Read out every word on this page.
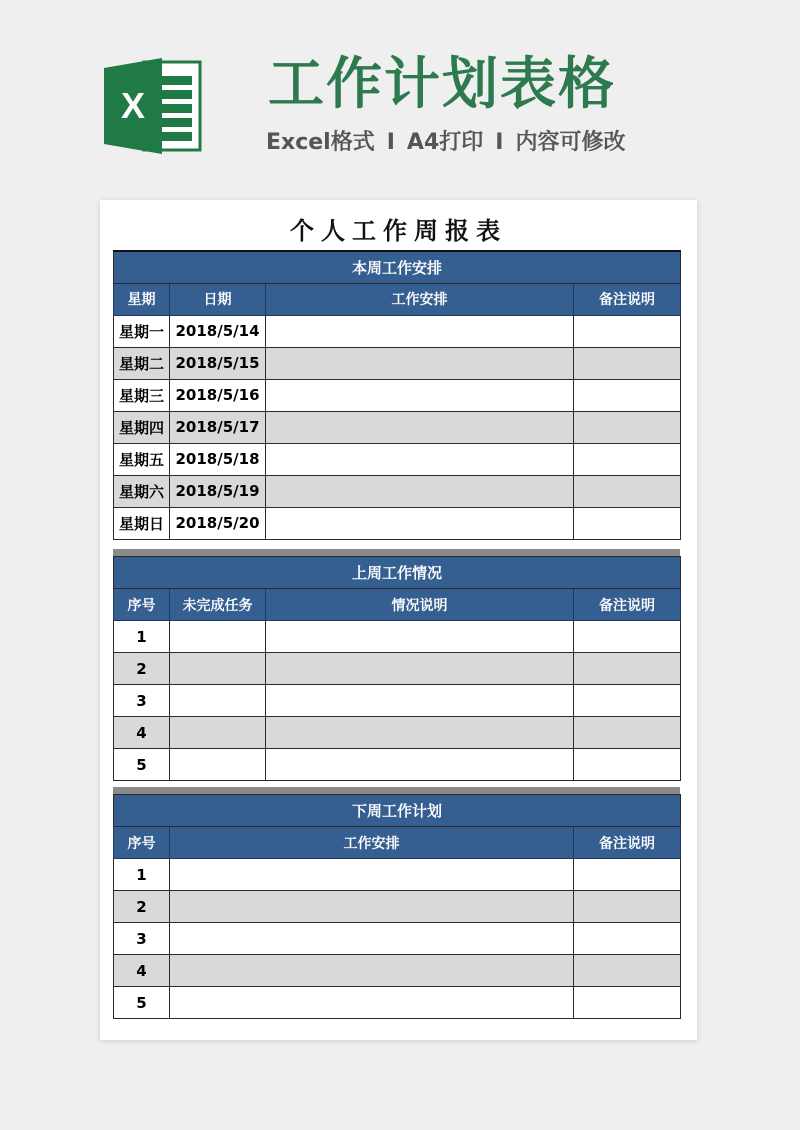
X 工作计划表格
Excel格式 I A4打印 I 内容可修改
个人工作周报表
本周工作安排			
星期	日期	工作安排	备注说明
星期一	2018/5/14		
星期二	2018/5/15		
星期三	2018/5/16		
星期四	2018/5/17		
星期五	2018/5/18		
星期六	2018/5/19		
星期日	2018/5/20		
上周工作情况			
序号	未完成任务	情况说明	备注说明
1			
2			
3			
4			
5			
下周工作计划		
序号	工作安排	备注说明
1		
2		
3		
4		
5		
